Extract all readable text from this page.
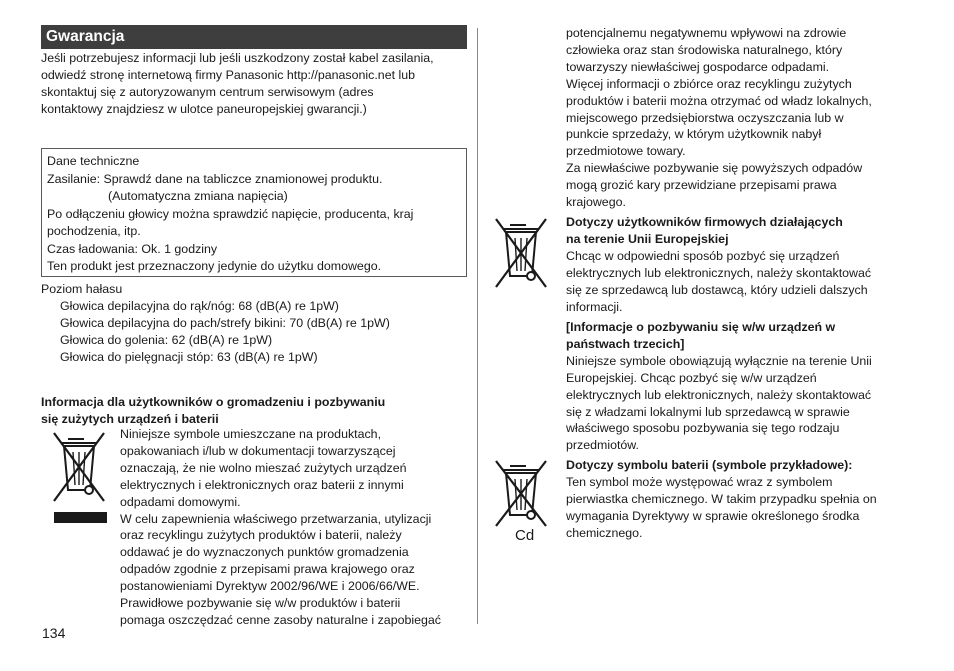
Gwarancja
Jeśli potrzebujesz informacji lub jeśli uszkodzony został kabel zasilania,
odwiedź stronę internetową firmy Panasonic http://panasonic.net lub
skontaktuj się z autoryzowanym centrum serwisowym (adres
kontaktowy znajdziesz w ulotce paneuropejskiej gwarancji.)
Dane techniczne
Zasilanie: Sprawdź dane na tabliczce znamionowej produktu.
(Automatyczna zmiana napięcia)
Po odłączeniu głowicy można sprawdzić napięcie, producenta, kraj
pochodzenia, itp.
Czas ładowania: Ok. 1 godziny
Ten produkt jest przeznaczony jedynie do użytku domowego.
Poziom hałasu
Głowica depilacyjna do rąk/nóg: 68 (dB(A) re 1pW)
Głowica depilacyjna do pach/strefy bikini: 70 (dB(A) re 1pW)
Głowica do golenia: 62 (dB(A) re 1pW)
Głowica do pielęgnacji stóp: 63 (dB(A) re 1pW)
Informacja dla użytkowników o gromadzeniu i pozbywaniu
się zużytych urządzeń i baterii
Niniejsze symbole umieszczane na produktach,
opakowaniach i/lub w dokumentacji towarzyszącej
oznaczają, że nie wolno mieszać zużytych urządzeń
elektrycznych i elektronicznych oraz baterii z innymi
odpadami domowymi.
W celu zapewnienia właściwego przetwarzania, utylizacji
oraz recyklingu zużytych produktów i baterii, należy
oddawać je do wyznaczonych punktów gromadzenia
odpadów zgodnie z przepisami prawa krajowego oraz
postanowieniami Dyrektyw 2002/96/WE i 2006/66/WE.
Prawidłowe pozbywanie się w/w produktów i baterii
pomaga oszczędzać cenne zasoby naturalne i zapobiegać
134
potencjalnemu negatywnemu wpływowi na zdrowie
człowieka oraz stan środowiska naturalnego, który
towarzyszy niewłaściwej gospodarce odpadami.
Więcej informacji o zbiórce oraz recyklingu zużytych
produktów i baterii można otrzymać od władz lokalnych,
miejscowego przedsiębiorstwa oczyszczania lub w
punkcie sprzedaży, w którym użytkownik nabył
przedmiotowe towary.
Za niewłaściwe pozbywanie się powyższych odpadów
mogą grozić kary przewidziane przepisami prawa
krajowego.
Dotyczy użytkowników firmowych działających
na terenie Unii Europejskiej
Chcąc w odpowiedni sposób pozbyć się urządzeń
elektrycznych lub elektronicznych, należy skontaktować
się ze sprzedawcą lub dostawcą, który udzieli dalszych
informacji.
[Informacje o pozbywaniu się w/w urządzeń w
państwach trzecich]
Niniejsze symbole obowiązują wyłącznie na terenie Unii
Europejskiej. Chcąc pozbyć się w/w urządzeń
elektrycznych lub elektronicznych, należy skontaktować
się z władzami lokalnymi lub sprzedawcą w sprawie
właściwego sposobu pozbywania się tego rodzaju
przedmiotów.
Cd
Dotyczy symbolu baterii (symbole przykładowe):
Ten symbol może występować wraz z symbolem
pierwiastka chemicznego. W takim przypadku spełnia on
wymagania Dyrektywy w sprawie określonego środka
chemicznego.
